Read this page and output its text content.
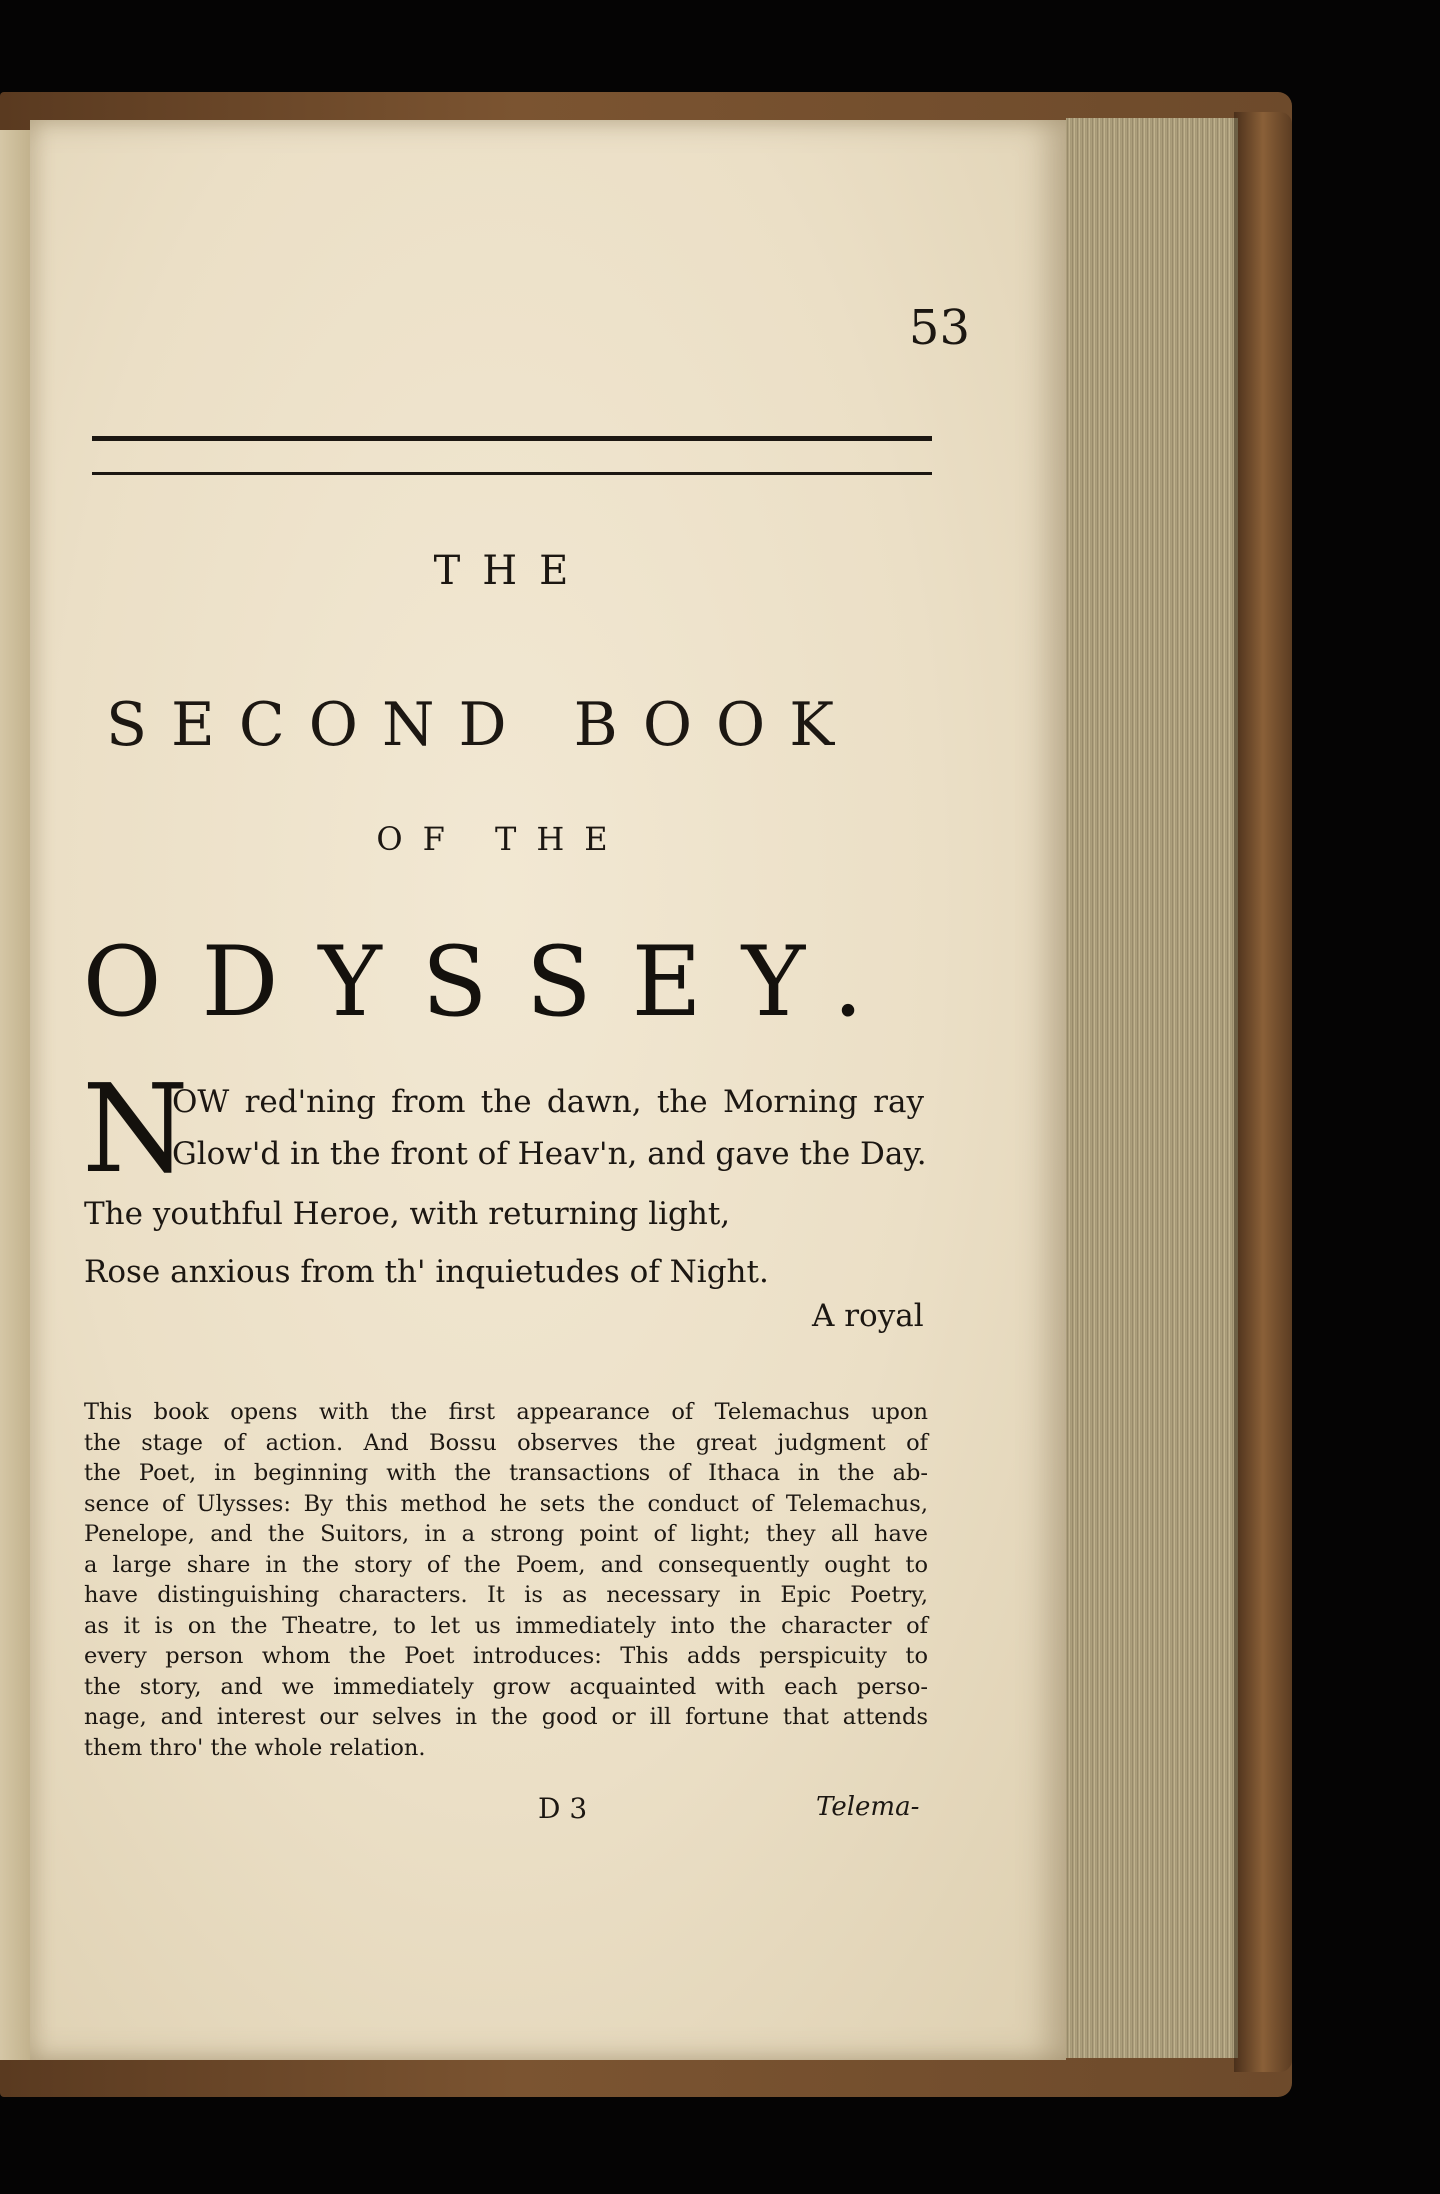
53
THE
SECOND BOOK
OF THE
ODYSSEY.
N
OW red'ning from the dawn, the Morning ray
Glow'd in the front of Heav'n, and gave the Day.
The youthful Heroe, with returning light,
Rose anxious from th' inquietudes of Night.
A royal
This book opens with the first appearance of Telemachus upon
the stage of action. And Bossu observes the great judgment of
the Poet, in beginning with the transactions of Ithaca in the ab-
sence of Ulysses: By this method he sets the conduct of Telemachus,
Penelope, and the Suitors, in a strong point of light; they all have
a large share in the story of the Poem, and consequently ought to
have distinguishing characters. It is as necessary in Epic Poetry,
as it is on the Theatre, to let us immediately into the character of
every person whom the Poet introduces: This adds perspicuity to
the story, and we immediately grow acquainted with each perso-
nage, and interest our selves in the good or ill fortune that attends
them thro' the whole relation.
D 3	Telema-
